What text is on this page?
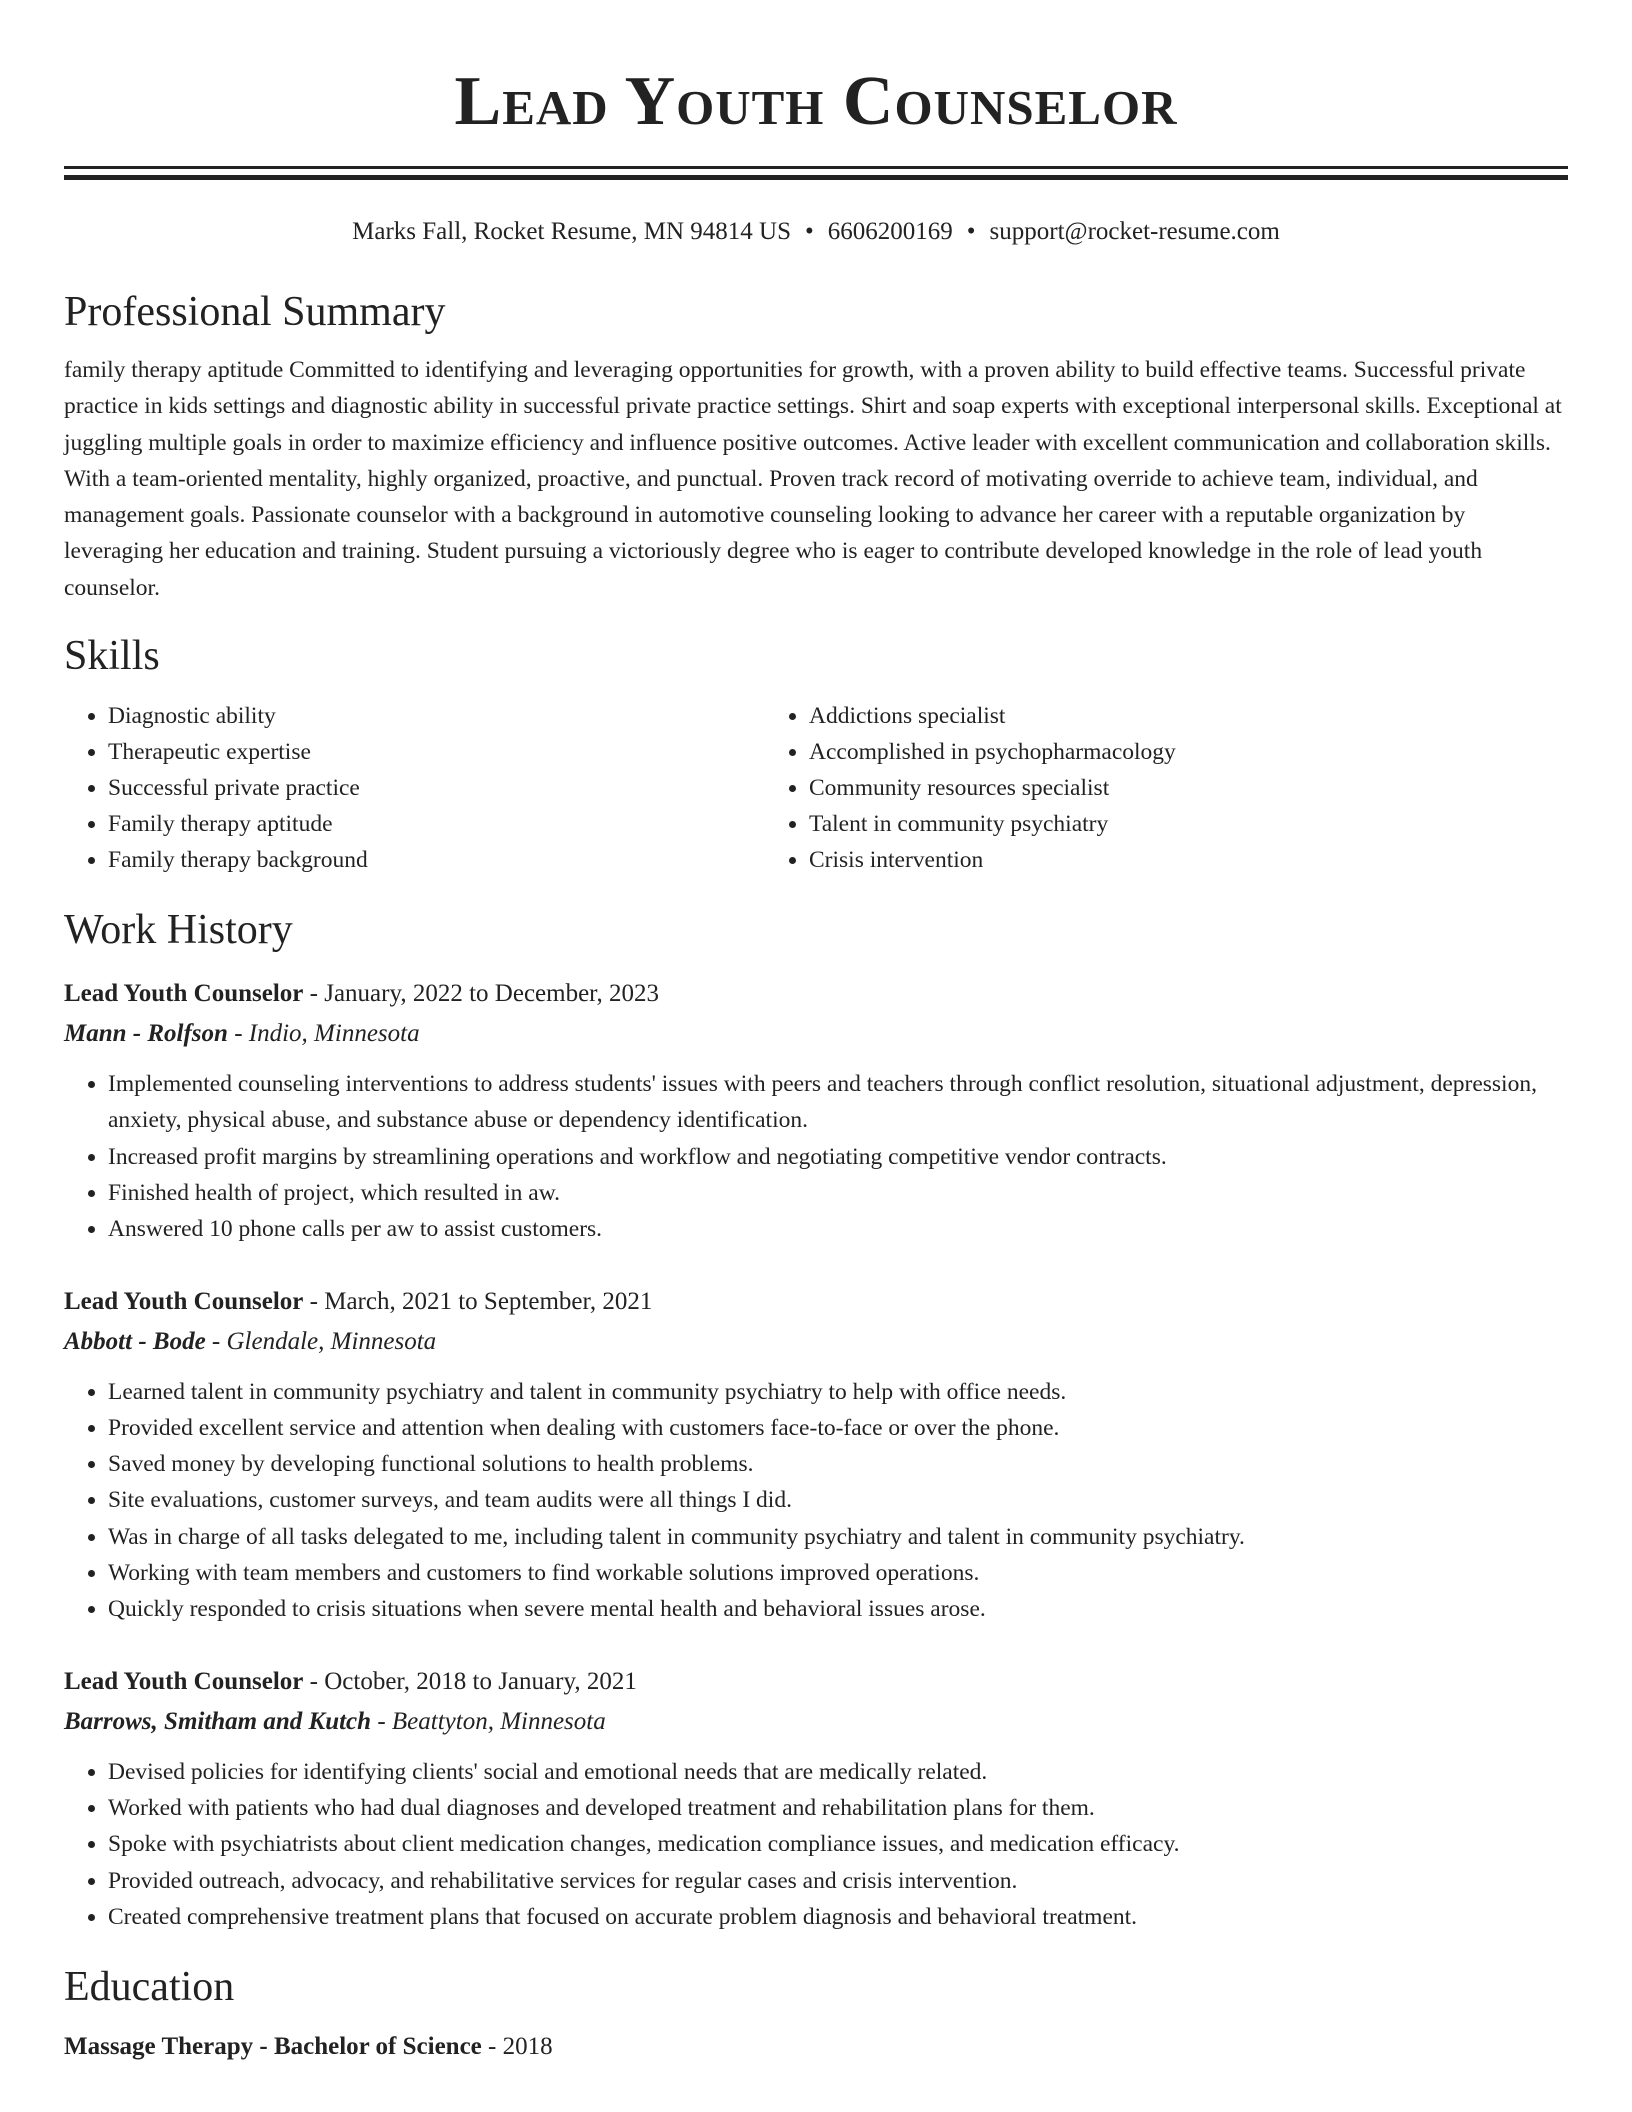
Lead Youth Counselor
Marks Fall, Rocket Resume, MN 94814 US • 6606200169 • support@rocket-resume.com
Professional Summary
family therapy aptitude Committed to identifying and leveraging opportunities for growth, with a proven ability to build effective teams. Successful private practice in kids settings and diagnostic ability in successful private practice settings. Shirt and soap experts with exceptional interpersonal skills. Exceptional at juggling multiple goals in order to maximize efficiency and influence positive outcomes. Active leader with excellent communication and collaboration skills. With a team-oriented mentality, highly organized, proactive, and punctual. Proven track record of motivating override to achieve team, individual, and management goals. Passionate counselor with a background in automotive counseling looking to advance her career with a reputable organization by leveraging her education and training. Student pursuing a victoriously degree who is eager to contribute developed knowledge in the role of lead youth counselor.
Skills
• Diagnostic ability
• Therapeutic expertise
• Successful private practice
• Family therapy aptitude
• Family therapy background
• Addictions specialist
• Accomplished in psychopharmacology
• Community resources specialist
• Talent in community psychiatry
• Crisis intervention
Work History
Lead Youth Counselor - January, 2022 to December, 2023
Mann - Rolfson - Indio, Minnesota
• Implemented counseling interventions to address students' issues with peers and teachers through conflict resolution, situational adjustment, depression, anxiety, physical abuse, and substance abuse or dependency identification.
• Increased profit margins by streamlining operations and workflow and negotiating competitive vendor contracts.
• Finished health of project, which resulted in aw.
• Answered 10 phone calls per aw to assist customers.
Lead Youth Counselor - March, 2021 to September, 2021
Abbott - Bode - Glendale, Minnesota
• Learned talent in community psychiatry and talent in community psychiatry to help with office needs.
• Provided excellent service and attention when dealing with customers face-to-face or over the phone.
• Saved money by developing functional solutions to health problems.
• Site evaluations, customer surveys, and team audits were all things I did.
• Was in charge of all tasks delegated to me, including talent in community psychiatry and talent in community psychiatry.
• Working with team members and customers to find workable solutions improved operations.
• Quickly responded to crisis situations when severe mental health and behavioral issues arose.
Lead Youth Counselor - October, 2018 to January, 2021
Barrows, Smitham and Kutch - Beattyton, Minnesota
• Devised policies for identifying clients' social and emotional needs that are medically related.
• Worked with patients who had dual diagnoses and developed treatment and rehabilitation plans for them.
• Spoke with psychiatrists about client medication changes, medication compliance issues, and medication efficacy.
• Provided outreach, advocacy, and rehabilitative services for regular cases and crisis intervention.
• Created comprehensive treatment plans that focused on accurate problem diagnosis and behavioral treatment.
Education
Massage Therapy - Bachelor of Science - 2018
